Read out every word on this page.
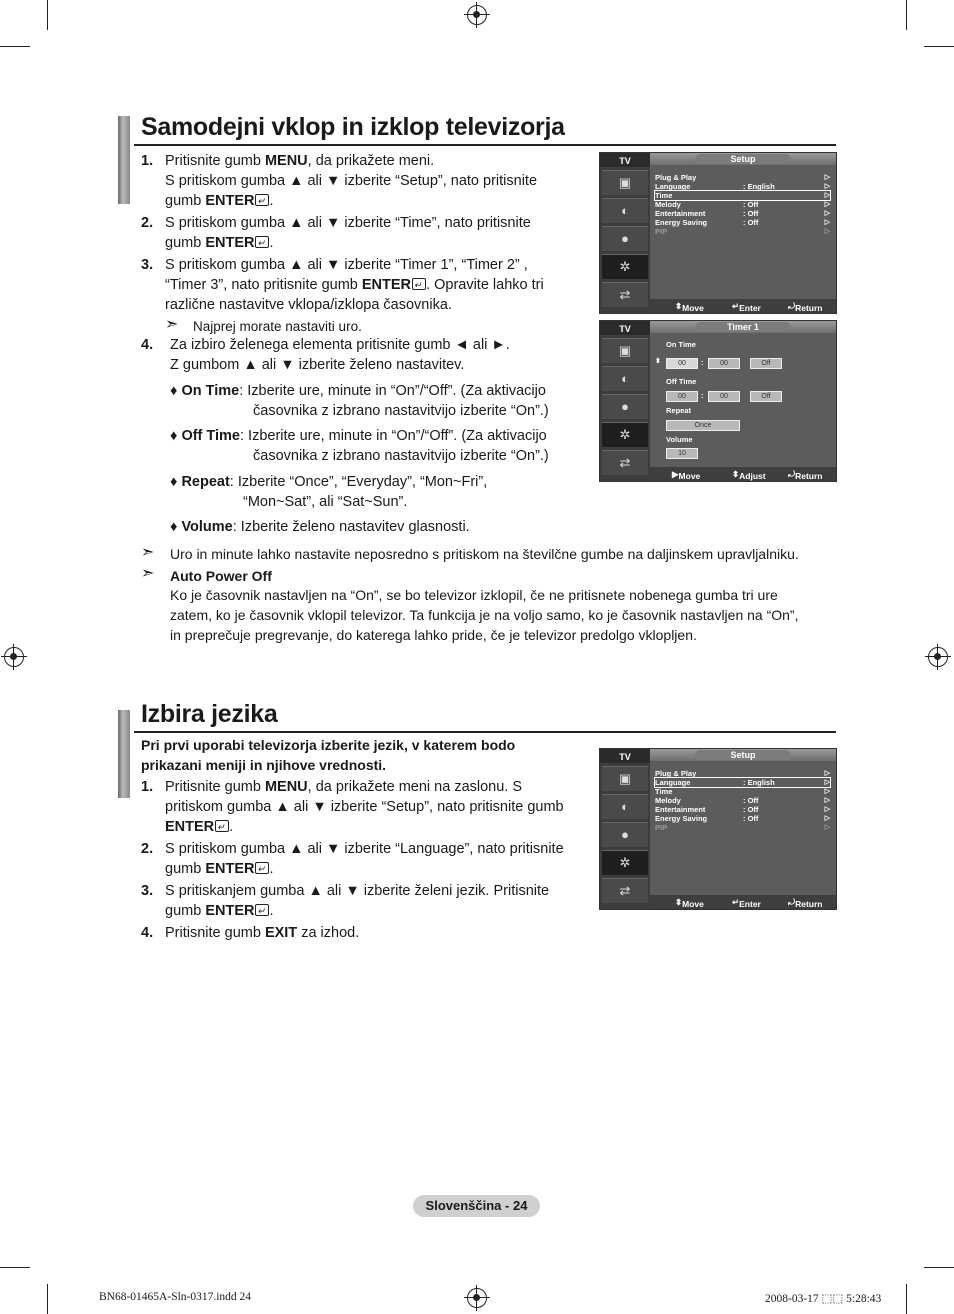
Samodejni vklop in izklop televizorja
1. Pritisnite gumb MENU, da prikažete meni.
S pritiskom gumba ▲ ali ▼ izberite “Setup”, nato pritisnite
gumb ENTER ↵ .
2. S pritiskom gumba ▲ ali ▼ izberite “Time”, nato pritisnite
gumb ENTER ↵ .
3. S pritiskom gumba ▲ ali ▼ izberite “Timer 1”, “Timer 2” ,
“Timer 3”, nato pritisnite gumb ENTER ↵ . Opravite lahko tri
različne nastavitve vklopa/izklopa časovnika.
➣ Najprej morate nastaviti uro.
4. Za izbiro želenega elementa pritisnite gumb ◄ ali ►.
Z gumbom ▲ ali ▼ izberite želeno nastavitev.
♦ On Time: Izberite ure, minute in “On”/“Off”. (Za aktivacijo
časovnika z izbrano nastavitvijo izberite “On”.)
♦ Off Time: Izberite ure, minute in “On”/“Off”. (Za aktivacijo
časovnika z izbrano nastavitvijo izberite “On”.)
♦ Repeat: Izberite “Once”, “Everyday”, “Mon~Fri”,
“Mon~Sat”, ali “Sat~Sun”.
♦ Volume: Izberite želeno nastavitev glasnosti.
➣ Uro in minute lahko nastavite neposredno s pritiskom na številčne gumbe na daljinskem upravljalniku.
➣ Auto Power Off
Ko je časovnik nastavljen na “On”, se bo televizor izklopil, če ne pritisnete nobenega gumba tri ure
zatem, ko je časovnik vklopil televizor. Ta funkcija je na voljo samo, ko je časovnik nastavljen na “On”,
in preprečuje pregrevanje, do katerega lahko pride, če je televizor predolgo vklopljen.
TV
▣
◐
●
✲
⇄
Setup
Plug & Play	▷
Language	: English	▷
Time	▷
Melody	: Off	▷
Entertainment	: Off	▷
Energy Saving	: Off	▷
PIP	▷
⬍ Move	↵ Enter	⤾ Return
TV
▣
◐
●
✲
⇄
Timer 1
On Time
⬍	00	:	00	Off
Off Time
00	:	00	Off
Repeat
Once
Volume
10
▶ Move	⬍ Adjust	⤾ Return
Izbira jezika
Pri prvi uporabi televizorja izberite jezik, v katerem bodo
prikazani meniji in njihove vrednosti.
1. Pritisnite gumb MENU, da prikažete meni na zaslonu. S
pritiskom gumba ▲ ali ▼ izberite “Setup”, nato pritisnite gumb
ENTER ↵ .
2. S pritiskom gumba ▲ ali ▼ izberite “Language”, nato pritisnite
gumb ENTER ↵ .
3. S pritiskanjem gumba ▲ ali ▼ izberite želeni jezik. Pritisnite
gumb ENTER ↵ .
4. Pritisnite gumb EXIT za izhod.
TV
▣
◐
●
✲
⇄
Setup
Plug & Play	▷
Language	: English	▷
Time	▷
Melody	: Off	▷
Entertainment	: Off	▷
Energy Saving	: Off	▷
PIP	▷
⬍ Move	↵ Enter	⤾ Return
Slovenščina - 24
BN68-01465A-Sln-0317.indd 24	2008-03-17 ⬚⬚ 5:28:43
